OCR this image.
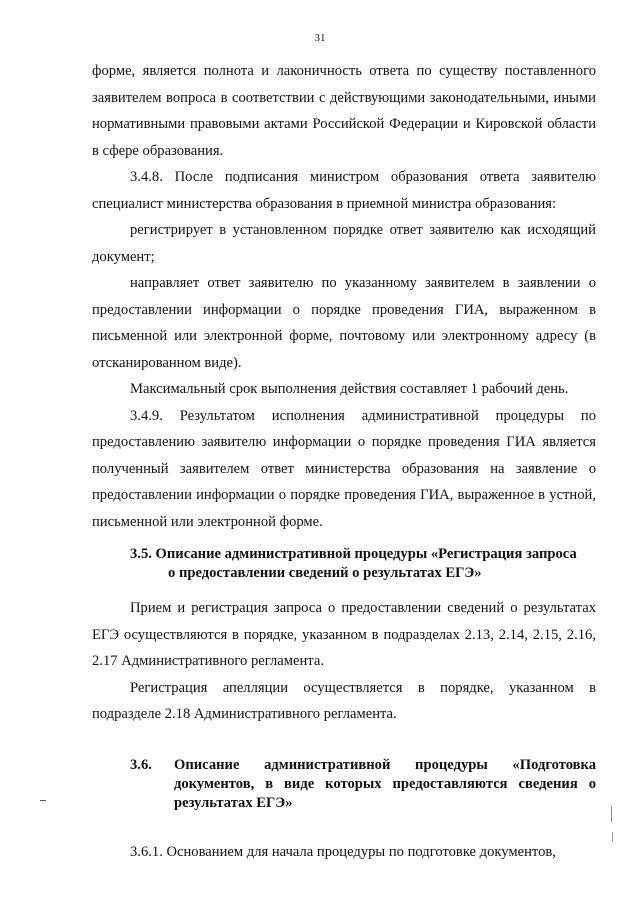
31

форме, является полнота и лаконичность ответа по существу поставленного заявителем вопроса в соответствии с действующими законодательными, иными нормативными правовыми актами Российской Федерации и Кировской области в сфере образования.

3.4.8. После подписания министром образования ответа заявителю специалист министерства образования в приемной министра образования:

регистрирует в установленном порядке ответ заявителю как исходящий документ;

направляет ответ заявителю по указанному заявителем в заявлении о предоставлении информации о порядке проведения ГИА, выраженном в письменной или электронной форме, почтовому или электронному адресу (в отсканированном виде).

Максимальный срок выполнения действия составляет 1 рабочий день.

3.4.9. Результатом исполнения административной процедуры по предоставлению заявителю информации о порядке проведения ГИА является полученный заявителем ответ министерства образования на заявление о предоставлении информации о порядке проведения ГИА, выраженное в устной, письменной или электронной форме.

3.5. Описание административной процедуры «Регистрация запроса
о предоставлении сведений о результатах ЕГЭ»

Прием и регистрация запроса о предоставлении сведений о результатах ЕГЭ осуществляются в порядке, указанном в подразделах 2.13, 2.14, 2.15, 2.16, 2.17 Административного регламента.

Регистрация апелляции осуществляется в порядке, указанном в подразделе 2.18 Административного регламента.

3.6.	Описание административной процедуры «Подготовка документов, в виде которых предоставляются сведения о результатах ЕГЭ»

3.6.1. Основанием для начала процедуры по подготовке документов,
